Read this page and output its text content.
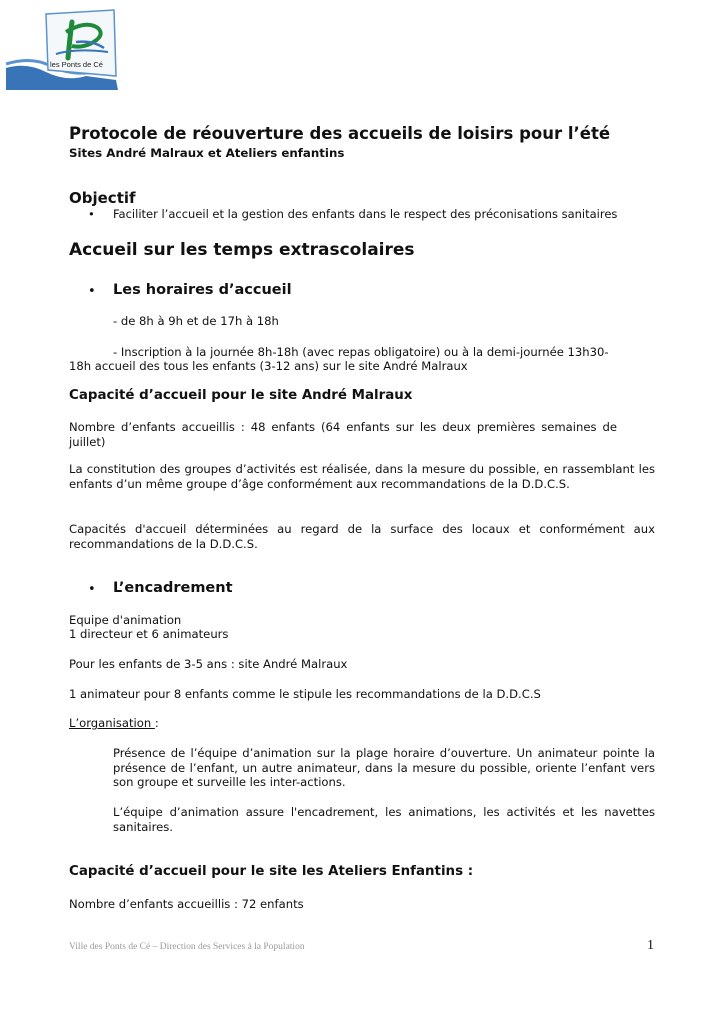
les Ponts de Cé
Protocole de réouverture des accueils de loisirs pour l’été
Sites André Malraux et Ateliers enfantins
Objectif
• Faciliter l’accueil et la gestion des enfants dans le respect des préconisations sanitaires
Accueil sur les temps extrascolaires
• Les horaires d’accueil
- de 8h à 9h et de 17h à 18h
- Inscription à la journée 8h-18h (avec repas obligatoire) ou à la demi-journée 13h30-
18h accueil des tous les enfants (3-12 ans) sur le site André Malraux
Capacité d’accueil pour le site André Malraux
Nombre d’enfants accueillis : 48 enfants (64 enfants sur les deux premières semaines de juillet)
La constitution des groupes d’activités est réalisée, dans la mesure du possible, en rassemblant les enfants d’un même groupe d’âge conformément aux recommandations de la D.D.C.S.
Capacités d'accueil déterminées au regard de la surface des locaux et conformément aux recommandations de la D.D.C.S.
• L’encadrement
Equipe d'animation
1 directeur et 6 animateurs
Pour les enfants de 3-5 ans : site André Malraux
1 animateur pour 8 enfants comme le stipule les recommandations de la D.D.C.S
L’organisation :
Présence de l’équipe d’animation sur la plage horaire d’ouverture. Un animateur pointe la présence de l’enfant, un autre animateur, dans la mesure du possible, oriente l’enfant vers son groupe et surveille les inter-actions.
L’équipe d’animation assure l'encadrement, les animations, les activités et les navettes sanitaires.
Capacité d’accueil pour le site les Ateliers Enfantins :
Nombre d’enfants accueillis : 72 enfants
Ville des Ponts de Cé – Direction des Services à la Population	1
